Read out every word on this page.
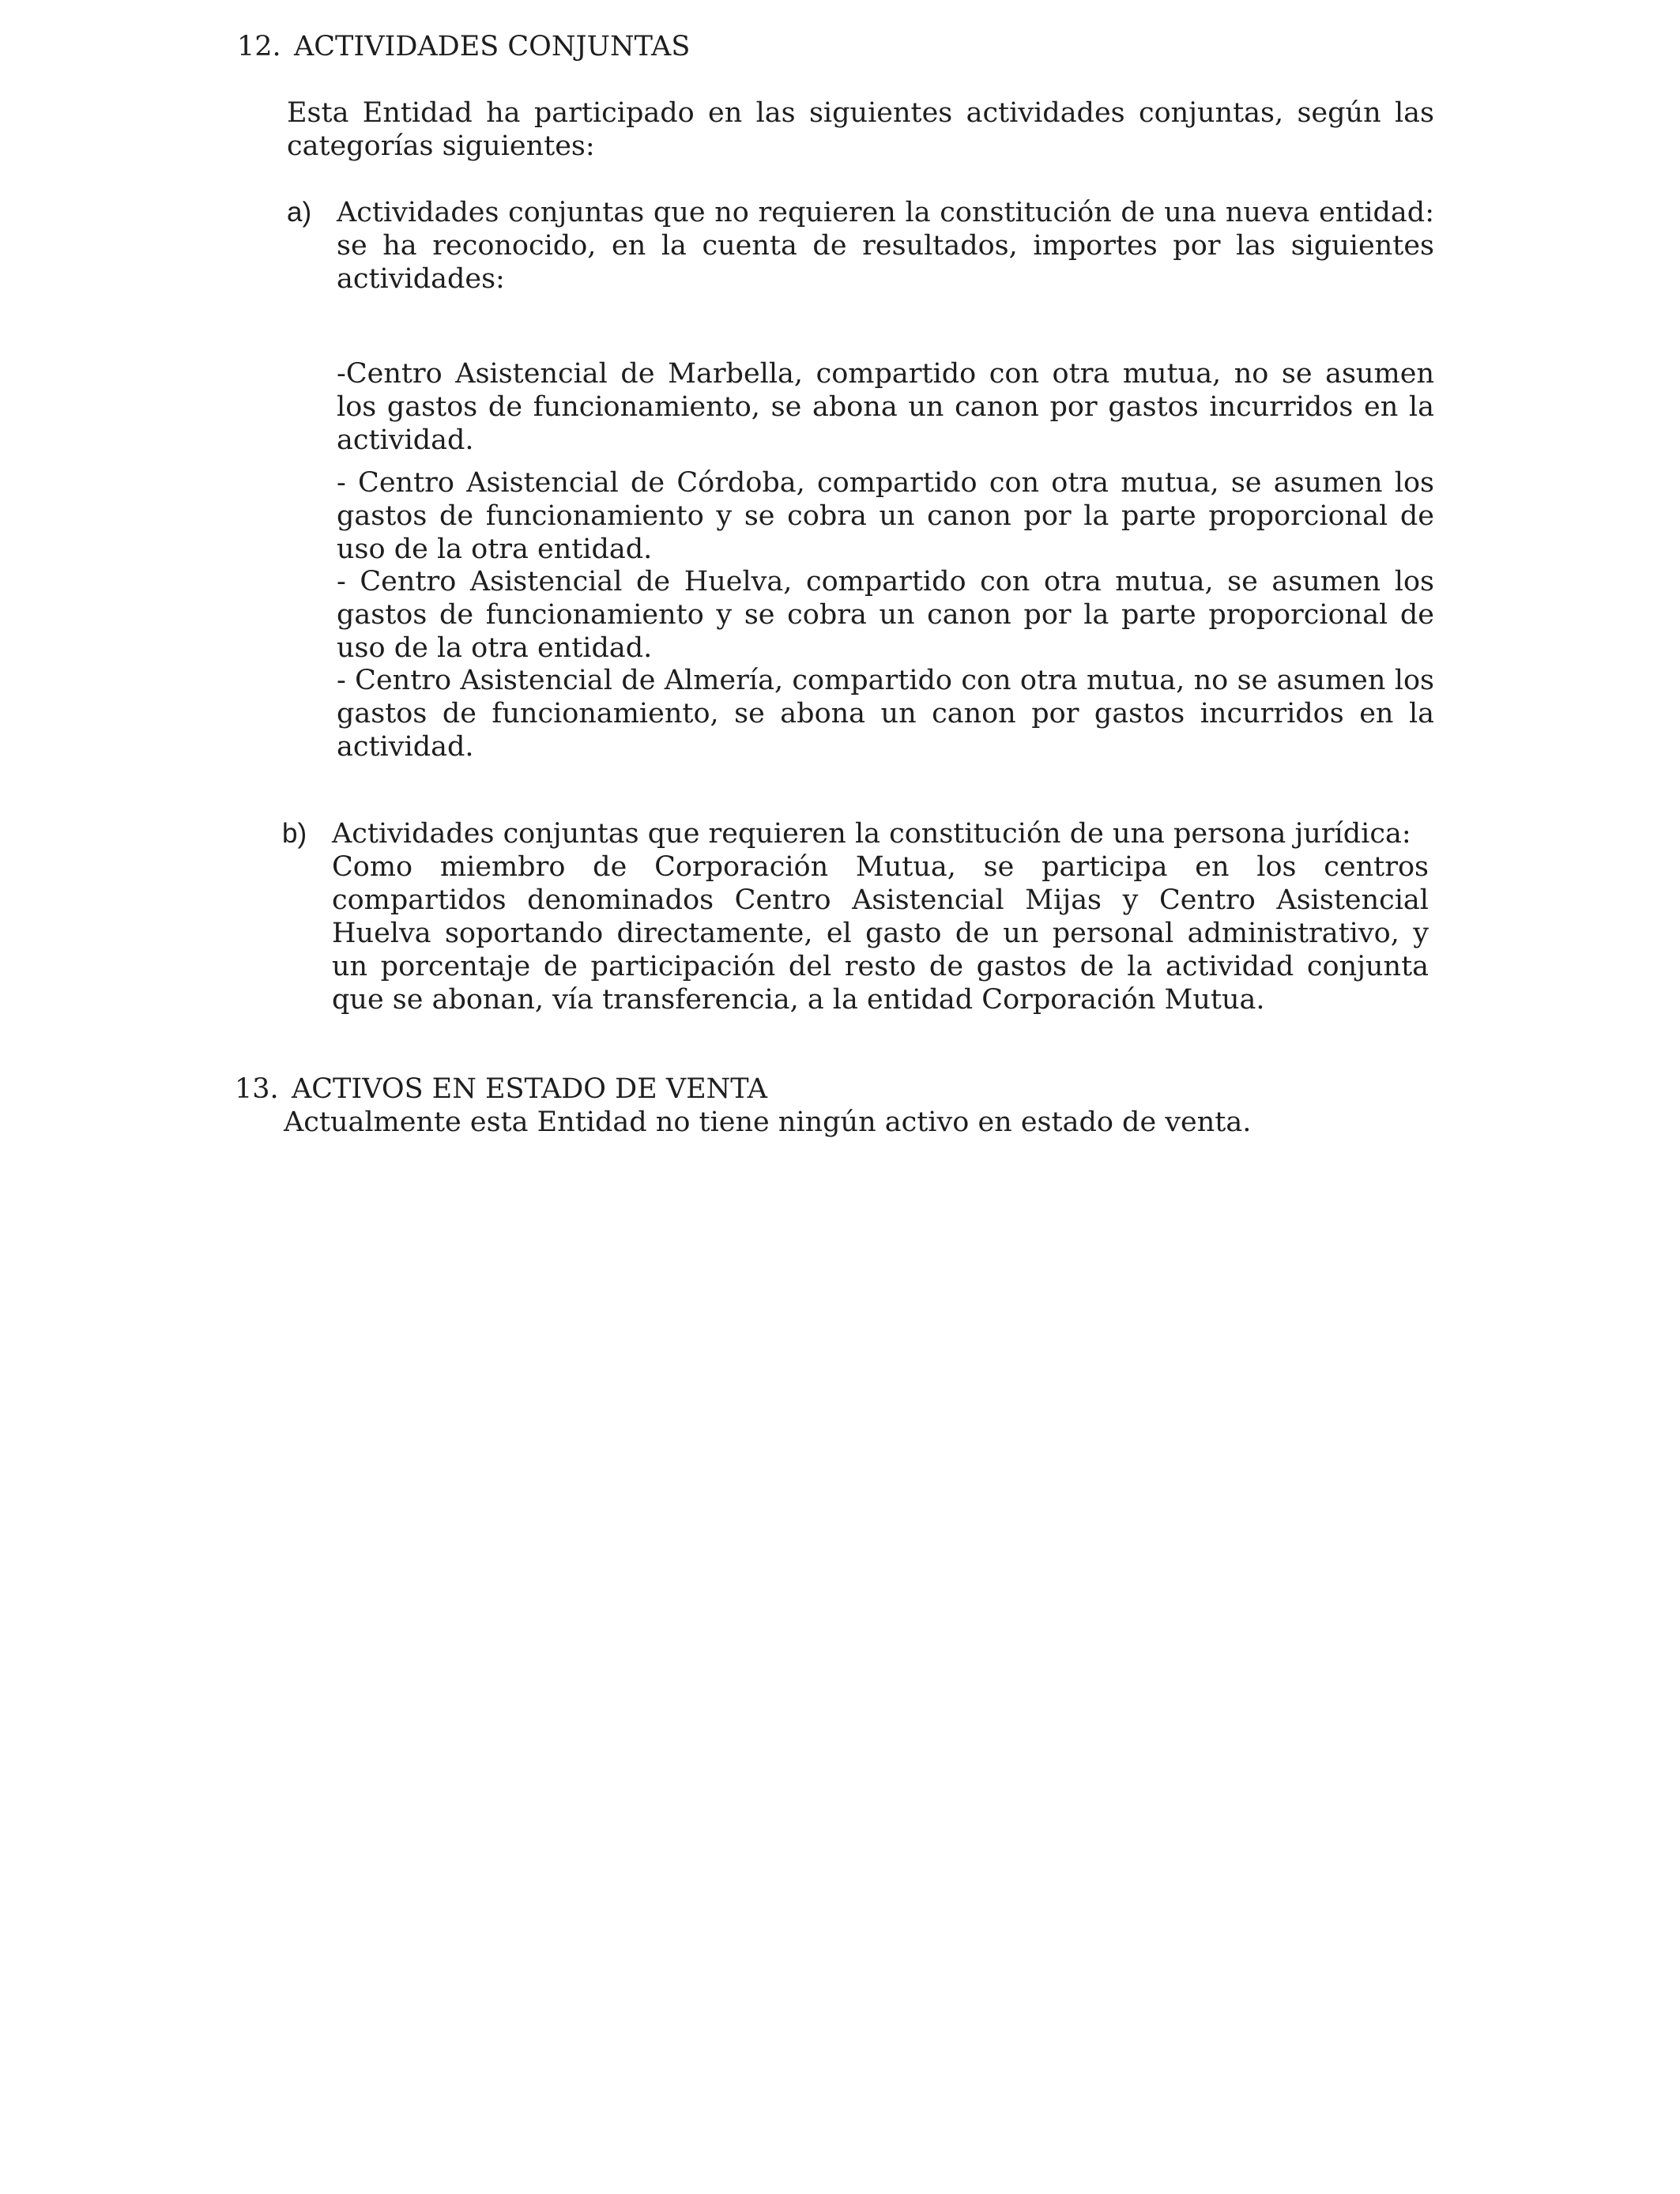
12. ACTIVIDADES CONJUNTAS
Esta Entidad ha participado en las siguientes actividades conjuntas, según las categorías siguientes:
a) Actividades conjuntas que no requieren la constitución de una nueva entidad: se ha reconocido, en la cuenta de resultados, importes por las siguientes actividades:
-Centro Asistencial de Marbella, compartido con otra mutua, no se asumen los gastos de funcionamiento, se abona un canon por gastos incurridos en la actividad.
- Centro Asistencial de Córdoba, compartido con otra mutua, se asumen los gastos de funcionamiento y se cobra un canon por la parte proporcional de uso de la otra entidad.
- Centro Asistencial de Huelva, compartido con otra mutua, se asumen los gastos de funcionamiento y se cobra un canon por la parte proporcional de uso de la otra entidad.
- Centro Asistencial de Almería, compartido con otra mutua, no se asumen los gastos de funcionamiento, se abona un canon por gastos incurridos en la actividad.
b) Actividades conjuntas que requieren la constitución de una persona jurídica:
Como miembro de Corporación Mutua, se participa en los centros compartidos denominados Centro Asistencial Mijas y Centro Asistencial Huelva soportando directamente, el gasto de un personal administrativo, y un porcentaje de participación del resto de gastos de la actividad conjunta que se abonan, vía transferencia, a la entidad Corporación Mutua.
13. ACTIVOS EN ESTADO DE VENTA
Actualmente esta Entidad no tiene ningún activo en estado de venta.
